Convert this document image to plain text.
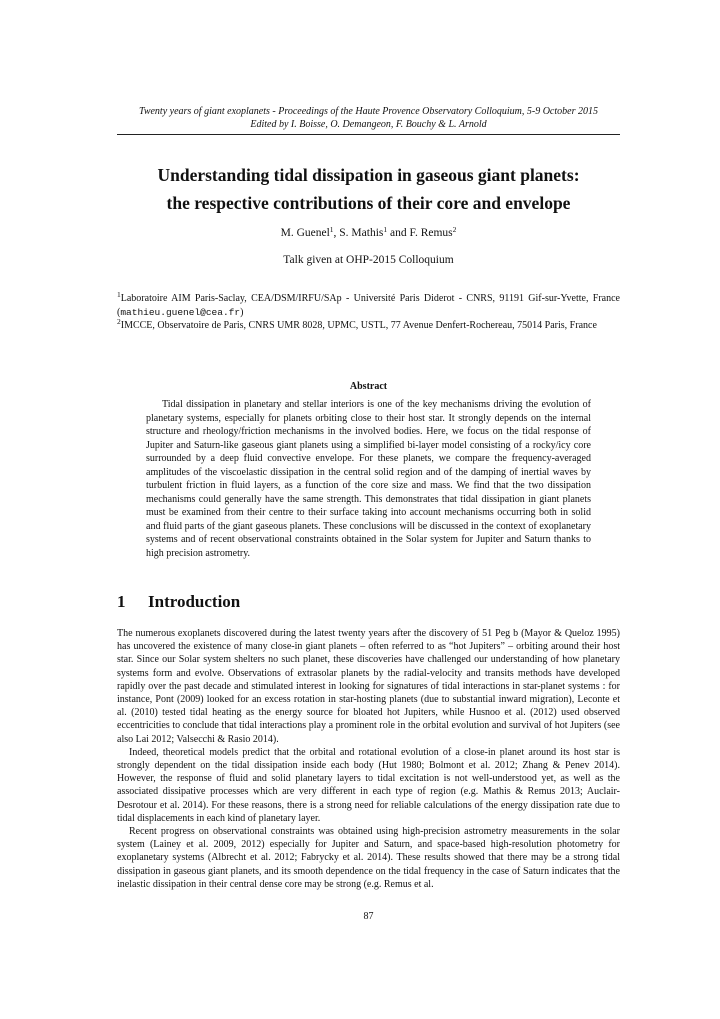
Twenty years of giant exoplanets - Proceedings of the Haute Provence Observatory Colloquium, 5-9 October 2015
Edited by I. Boisse, O. Demangeon, F. Bouchy & L. Arnold
Understanding tidal dissipation in gaseous giant planets:
the respective contributions of their core and envelope
M. Guenel$^1$, S. Mathis$^1$ and F. Remus$^2$
Talk given at OHP-2015 Colloquium

$^1$Laboratoire AIM Paris-Saclay, CEA/DSM/IRFU/SAp - Université Paris Diderot - CNRS, 91191 Gif-sur-Yvette, France (mathieu.guenel@cea.fr)

$^2$IMCCE, Observatoire de Paris, CNRS UMR 8028, UPMC, USTL, 77 Avenue Denfert-Rochereau, 75014 Paris, France

Abstract

Tidal dissipation in planetary and stellar interiors is one of the key mechanisms driving the evolution of planetary systems, especially for planets orbiting close to their host star. It strongly depends on the internal structure and rheology/friction mechanisms in the involved bodies. Here, we focus on the tidal response of Jupiter and Saturn-like gaseous giant planets using a simplified bi-layer model consisting of a rocky/icy core surrounded by a deep fluid convective envelope. For these planets, we compare the frequency-averaged amplitudes of the viscoelastic dissipation in the central solid region and of the damping of inertial waves by turbulent friction in fluid layers, as a function of the core size and mass. We find that the two dissipation mechanisms could generally have the same strength. This demonstrates that tidal dissipation in giant planets must be examined from their centre to their surface taking into account mechanisms occurring both in solid and fluid parts of the giant gaseous planets. These conclusions will be discussed in the context of exoplanetary systems and of recent observational constraints obtained in the Solar system for Jupiter and Saturn thanks to high precision astrometry.

1 Introduction

The numerous exoplanets discovered during the latest twenty years after the discovery of 51 Peg b (Mayor & Queloz 1995) has uncovered the existence of many close-in giant planets – often referred to as “hot Jupiters” – orbiting around their host star. Since our Solar system shelters no such planet, these discoveries have challenged our understanding of how planetary systems form and evolve. Observations of extrasolar planets by the radial-velocity and transits methods have developed rapidly over the past decade and stimulated interest in looking for signatures of tidal interactions in star-planet systems : for instance, Pont (2009) looked for an excess rotation in star-hosting planets (due to substantial inward migration), Leconte et al. (2010) tested tidal heating as the energy source for bloated hot Jupiters, while Husnoo et al. (2012) used observed eccentricities to conclude that tidal interactions play a prominent role in the orbital evolution and survival of hot Jupiters (see also Lai 2012; Valsecchi & Rasio 2014).

Indeed, theoretical models predict that the orbital and rotational evolution of a close-in planet around its host star is strongly dependent on the tidal dissipation inside each body (Hut 1980; Bolmont et al. 2012; Zhang & Penev 2014). However, the response of fluid and solid planetary layers to tidal excitation is not well-understood yet, as well as the associated dissipative processes which are very different in each type of region (e.g. Mathis & Remus 2013; Auclair-Desrotour et al. 2014). For these reasons, there is a strong need for reliable calculations of the energy dissipation rate due to tidal displacements in each kind of planetary layer.

Recent progress on observational constraints was obtained using high-precision astrometry measurements in the solar system (Lainey et al. 2009, 2012) especially for Jupiter and Saturn, and space-based high-resolution photometry for exoplanetary systems (Albrecht et al. 2012; Fabrycky et al. 2014). These results showed that there may be a strong tidal dissipation in gaseous giant planets, and its smooth dependence on the tidal frequency in the case of Saturn indicates that the inelastic dissipation in their central dense core may be strong (e.g. Remus et al.

87
